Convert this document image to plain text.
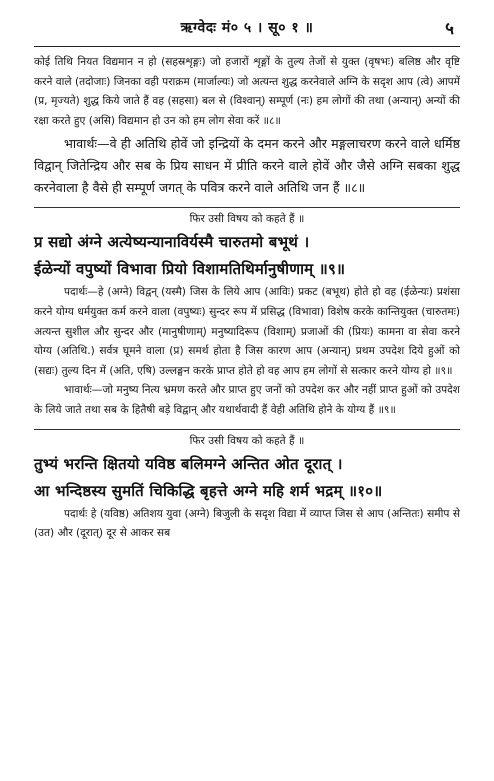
ऋग्वेदः मं० ५ । सू० १ ॥	५

कोई तिथि नियत विद्यमान न हो (सहस्रशृङ्गः) जो हजारों शृङ्गों के तुल्य तेजों से युक्त (वृषभः) बलिष्ठ और वृष्टि करने वाले (तदोजाः) जिनका वही पराक्रम (मार्जाल्यः) जो अत्यन्त शुद्ध करनेवाले अग्नि के सदृश आप (त्वे) आपमें (प्र, मृज्यते) शुद्ध किये जाते हैं वह (सहसा) बल से (विश्वान्) सम्पूर्ण (नः) हम लोगों की तथा (अन्यान्) अन्यों की रक्षा करते हुए (असि) विद्यमान हो उन को हम लोग सेवा करें ॥८॥

भावार्थः—वे ही अतिथि होवें जो इन्द्रियों के दमन करने और मङ्गलाचरण करने वाले धर्मिष्ठ विद्वान् जितेन्द्रिय और सब के प्रिय साधन में प्रीति करने वाले होवें और जैसे अग्नि सबका शुद्ध करनेवाला है वैसे ही सम्पूर्ण जगत् के पवित्र करने वाले अतिथि जन हैं ॥८॥

फिर उसी विषय को कहते हैं ॥

प्र सद्यो अंग्ने अत्येष्यन्यानाविर्यस्मै चारुतमो बभूथं ।

ईळेन्यों वपुष्यों विभावा प्रियो विशामतिथिर्मानुषीणाम् ॥९॥

पदार्थः—हे (अग्ने) विद्वन् (यस्मै) जिस के लिये आप (आविः) प्रकट (बभूथ) होते हो वह (ईळेन्यः) प्रशंसा करने योग्य धर्मयुक्त कर्म करने वाला (वपुष्यः) सुन्दर रूप में प्रसिद्ध (विभावा) विशेष करके कान्तियुक्त (चारुतमः) अत्यन्त सुशील और सुन्दर और (मानुषीणाम्) मनुष्यादिरूप (विशाम्) प्रजाओं की (प्रियः) कामना वा सेवा करने योग्य (अतिथि.) सर्वत्र घूमने वाला (प्र) समर्थ होता है जिस कारण आप (अन्यान्) प्रथम उपदेश दिये हुओं को (सद्यः) तुल्य दिन में (अति, एषि) उल्लङ्घन करके प्राप्त होते हो वह आप हम लोगों से सत्कार करने योग्य हो ॥९॥

भावार्थः—जो मनुष्य नित्य भ्रमण करते और प्राप्त हुए जनों को उपदेश कर और नहीं प्राप्त हुओं को उपदेश के लिये जाते तथा सब के हितैषी बड़े विद्वान् और यथार्थवादी हैं वेही अतिथि होने के योग्य हैं ॥९॥

फिर उसी विषय को कहते हैं ॥

तुभ्यं भरन्ति क्षितयो यविष्ठ बलिमग्ने अन्तित ओत दूरात् ।

आ भन्दिष्ठस्य सुमतिं चिकिद्धि बृहत्ते अग्ने महि शर्म भद्रम् ॥१०॥

पदार्थः हे (यविष्ठ) अतिशय युवा (अग्ने) बिजुली के सदृश विद्या में व्याप्त जिस से आप (अन्तितः) समीप से (उत) और (दूरात्) दूर से आकर सब
